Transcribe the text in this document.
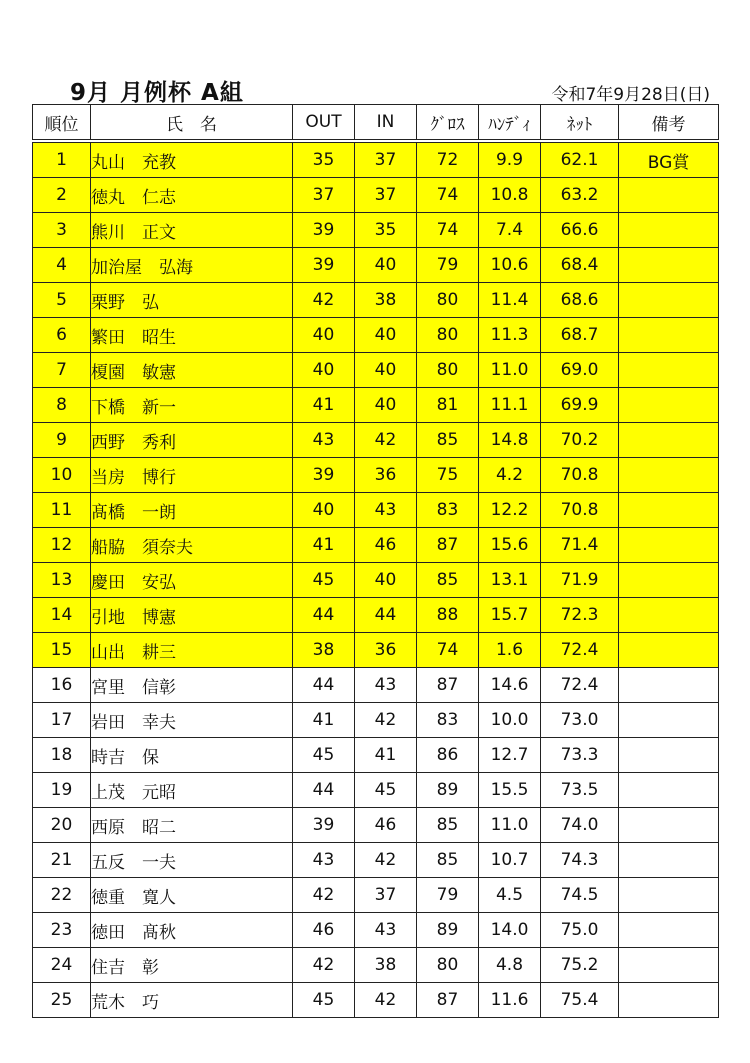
9月 月例杯 A組	令和7年9月28日(日)
順位	氏　名	OUT	IN	ｸﾞﾛｽ	ﾊﾝﾃﾞｨ	ﾈｯﾄ	備考
1	丸山　充教	35	37	72	9.9	62.1	BG賞
2	徳丸　仁志	37	37	74	10.8	63.2	
3	熊川　正文	39	35	74	7.4	66.6	
4	加治屋　弘海	39	40	79	10.6	68.4	
5	栗野　弘	42	38	80	11.4	68.6	
6	繁田　昭生	40	40	80	11.3	68.7	
7	榎園　敏憲	40	40	80	11.0	69.0	
8	下橋　新一	41	40	81	11.1	69.9	
9	西野　秀利	43	42	85	14.8	70.2	
10	当房　博行	39	36	75	4.2	70.8	
11	髙橋　一朗	40	43	83	12.2	70.8	
12	船脇　須奈夫	41	46	87	15.6	71.4	
13	慶田　安弘	45	40	85	13.1	71.9	
14	引地　博憲	44	44	88	15.7	72.3	
15	山出　耕三	38	36	74	1.6	72.4	
16	宮里　信彰	44	43	87	14.6	72.4	
17	岩田　幸夫	41	42	83	10.0	73.0	
18	時吉　保	45	41	86	12.7	73.3	
19	上茂　元昭	44	45	89	15.5	73.5	
20	西原　昭二	39	46	85	11.0	74.0	
21	五反　一夫	43	42	85	10.7	74.3	
22	徳重　寛人	42	37	79	4.5	74.5	
23	徳田　髙秋	46	43	89	14.0	75.0	
24	住吉　彰	42	38	80	4.8	75.2	
25	荒木　巧	45	42	87	11.6	75.4	
